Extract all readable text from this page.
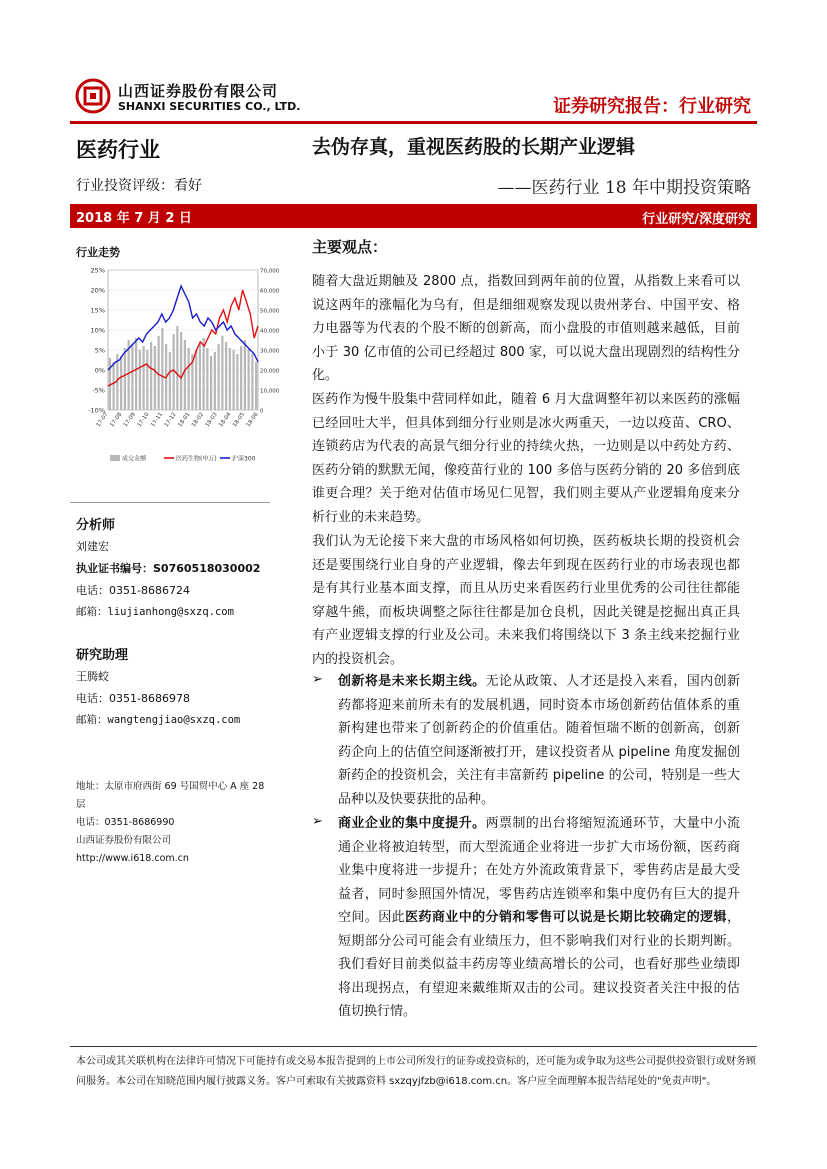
山西证券股份有限公司
SHANXI SECURITIES CO., LTD.	证券研究报告：行业研究
医药行业
行业投资评级：看好
去伪存真，重视医药股的长期产业逻辑
——医药行业 18 年中期投资策略
2018 年 7 月 2 日	行业研究/深度研究
行业走势
25%
20%
15%
10%
5%
0%
-5%
-10%
70,000
60,000
50,000
40,000
30,000
20,000
10,000
0
17-07 17-08 17-09 17-10 17-11 17-12 18-01 18-02 18-03 18-04 18-05 18-06
成交金额	医药生物(申万)	沪深300
分析师
刘建宏
执业证书编号：S0760518030002
电话：0351-8686724
邮箱：liujianhong@sxzq.com
研究助理
王腾蛟
电话：0351-8686978
邮箱：wangtengjiao@sxzq.com
地址：太原市府西街 69 号国贸中心 A 座 28 层
电话：0351-8686990
山西证券股份有限公司
http://www.i618.com.cn
主要观点：

随着大盘近期触及 2800 点，指数回到两年前的位置，从指数上来看可以说这两年的涨幅化为乌有，但是细细观察发现以贵州茅台、中国平安、格力电器等为代表的个股不断的创新高，而小盘股的市值则越来越低，目前小于 30 亿市值的公司已经超过 800 家，可以说大盘出现剧烈的结构性分化。

医药作为慢牛股集中营同样如此，随着 6 月大盘调整年初以来医药的涨幅已经回吐大半，但具体到细分行业则是冰火两重天，一边以疫苗、CRO、连锁药店为代表的高景气细分行业的持续火热，一边则是以中药处方药、医药分销的默默无闻，像疫苗行业的 100 多倍与医药分销的 20 多倍到底谁更合理？关于绝对估值市场见仁见智，我们则主要从产业逻辑角度来分析行业的未来趋势。

我们认为无论接下来大盘的市场风格如何切换，医药板块长期的投资机会还是要围绕行业自身的产业逻辑，像去年到现在医药行业的市场表现也都是有其行业基本面支撑，而且从历史来看医药行业里优秀的公司往往都能穿越牛熊，而板块调整之际往往都是加仓良机，因此关键是挖掘出真正具有产业逻辑支撑的行业及公司。未来我们将围绕以下 3 条主线来挖掘行业内的投资机会。

➢ 创新将是未来长期主线。无论从政策、人才还是投入来看，国内创新药都将迎来前所未有的发展机遇，同时资本市场创新药估值体系的重新构建也带来了创新药企的价值重估。随着恒瑞不断的创新高，创新药企向上的估值空间逐渐被打开，建议投资者从 pipeline 角度发掘创新药企的投资机会，关注有丰富新药 pipeline 的公司，特别是一些大品种以及快要获批的品种。

➢ 商业企业的集中度提升。两票制的出台将缩短流通环节，大量中小流通企业将被迫转型，而大型流通企业将进一步扩大市场份额，医药商业集中度将进一步提升；在处方外流政策背景下，零售药店是最大受益者，同时参照国外情况，零售药店连锁率和集中度仍有巨大的提升空间。因此医药商业中的分销和零售可以说是长期比较确定的逻辑，短期部分公司可能会有业绩压力，但不影响我们对行业的长期判断。我们看好目前类似益丰药房等业绩高增长的公司，也看好那些业绩即将出现拐点，有望迎来戴维斯双击的公司。建议投资者关注中报的估值切换行情。

本公司或其关联机构在法律许可情况下可能持有或交易本报告提到的上市公司所发行的证券或投资标的，还可能为或争取为这些公司提供投资银行或财务顾问服务。本公司在知晓范围内履行披露义务。客户可索取有关披露资料 sxzqyjfzb@i618.com.cn。客户应全面理解本报告结尾处的"免责声明"。
